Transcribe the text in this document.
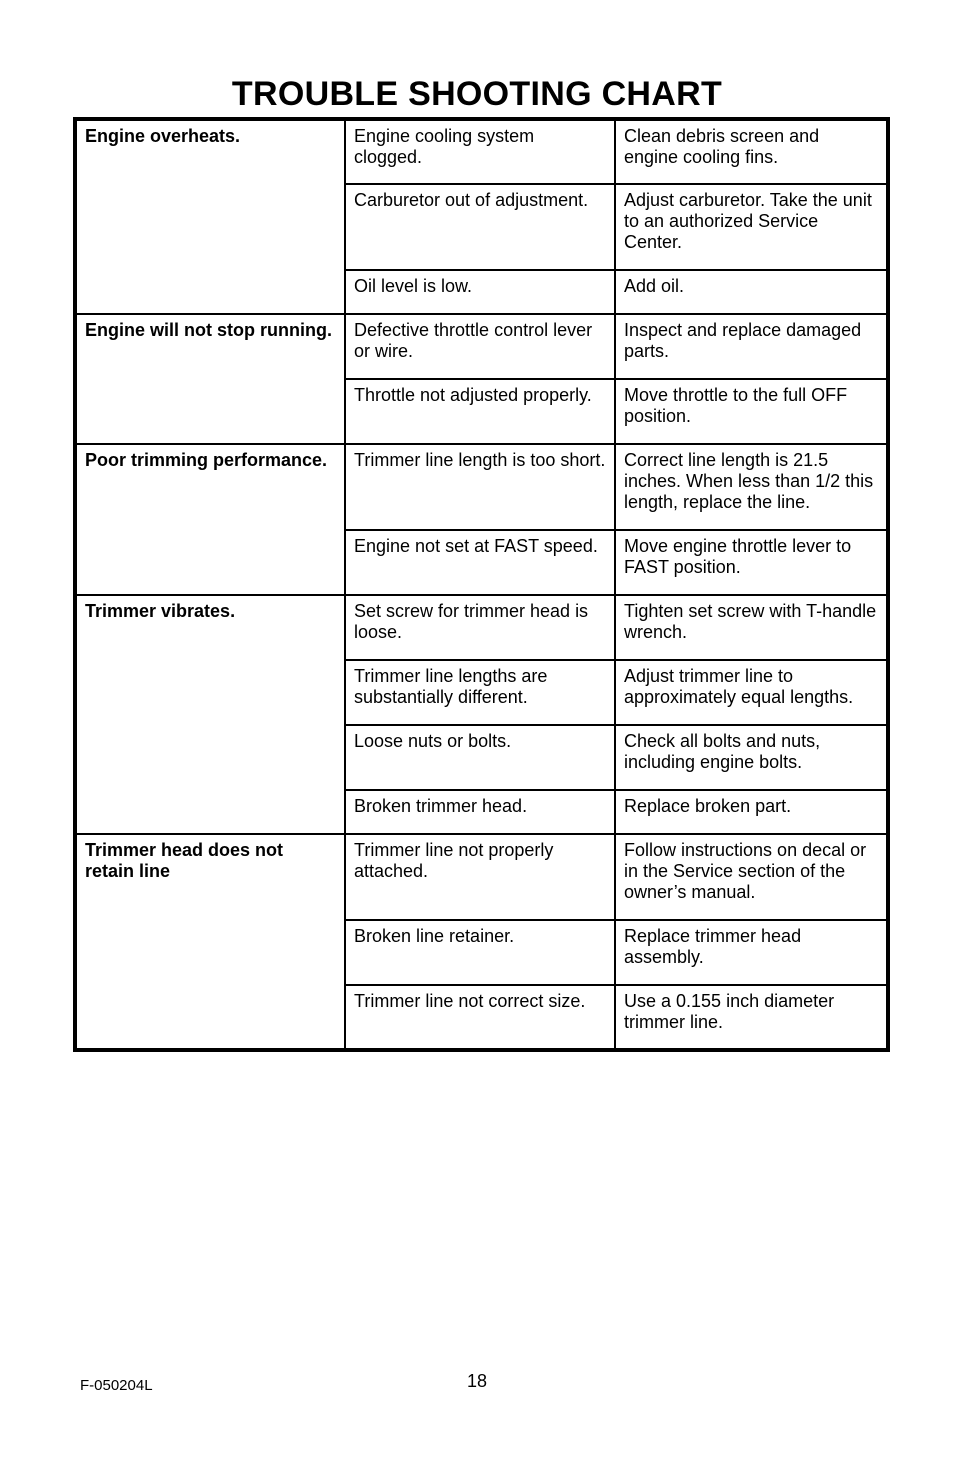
TROUBLE SHOOTING CHART
Engine overheats.	Engine cooling system clogged.	Clean debris screen and engine cooling fins.
	Carburetor out of adjustment.	Adjust carburetor. Take the unit to an authorized Service Center.
	Oil level is low.	Add oil.
Engine will not stop running.	Defective throttle control lever or wire.	Inspect and replace damaged parts.
	Throttle not adjusted properly.	Move throttle to the full OFF position.
Poor trimming performance.	Trimmer line length is too short.	Correct line length is 21.5 inches. When less than 1/2 this length, replace the line.
	Engine not set at FAST speed.	Move engine throttle lever to FAST position.
Trimmer vibrates.	Set screw for trimmer head is loose.	Tighten set screw with T-handle wrench.
	Trimmer line lengths are substantially different.	Adjust trimmer line to approximately equal lengths.
	Loose nuts or bolts.	Check all bolts and nuts, including engine bolts.
	Broken trimmer head.	Replace broken part.
Trimmer head does not retain line	Trimmer line not properly attached.	Follow instructions on decal or in the Service section of the owner’s manual.
	Broken line retainer.	Replace trimmer head assembly.
	Trimmer line not correct size.	Use a 0.155 inch diameter trimmer line.
F-050204L	18
